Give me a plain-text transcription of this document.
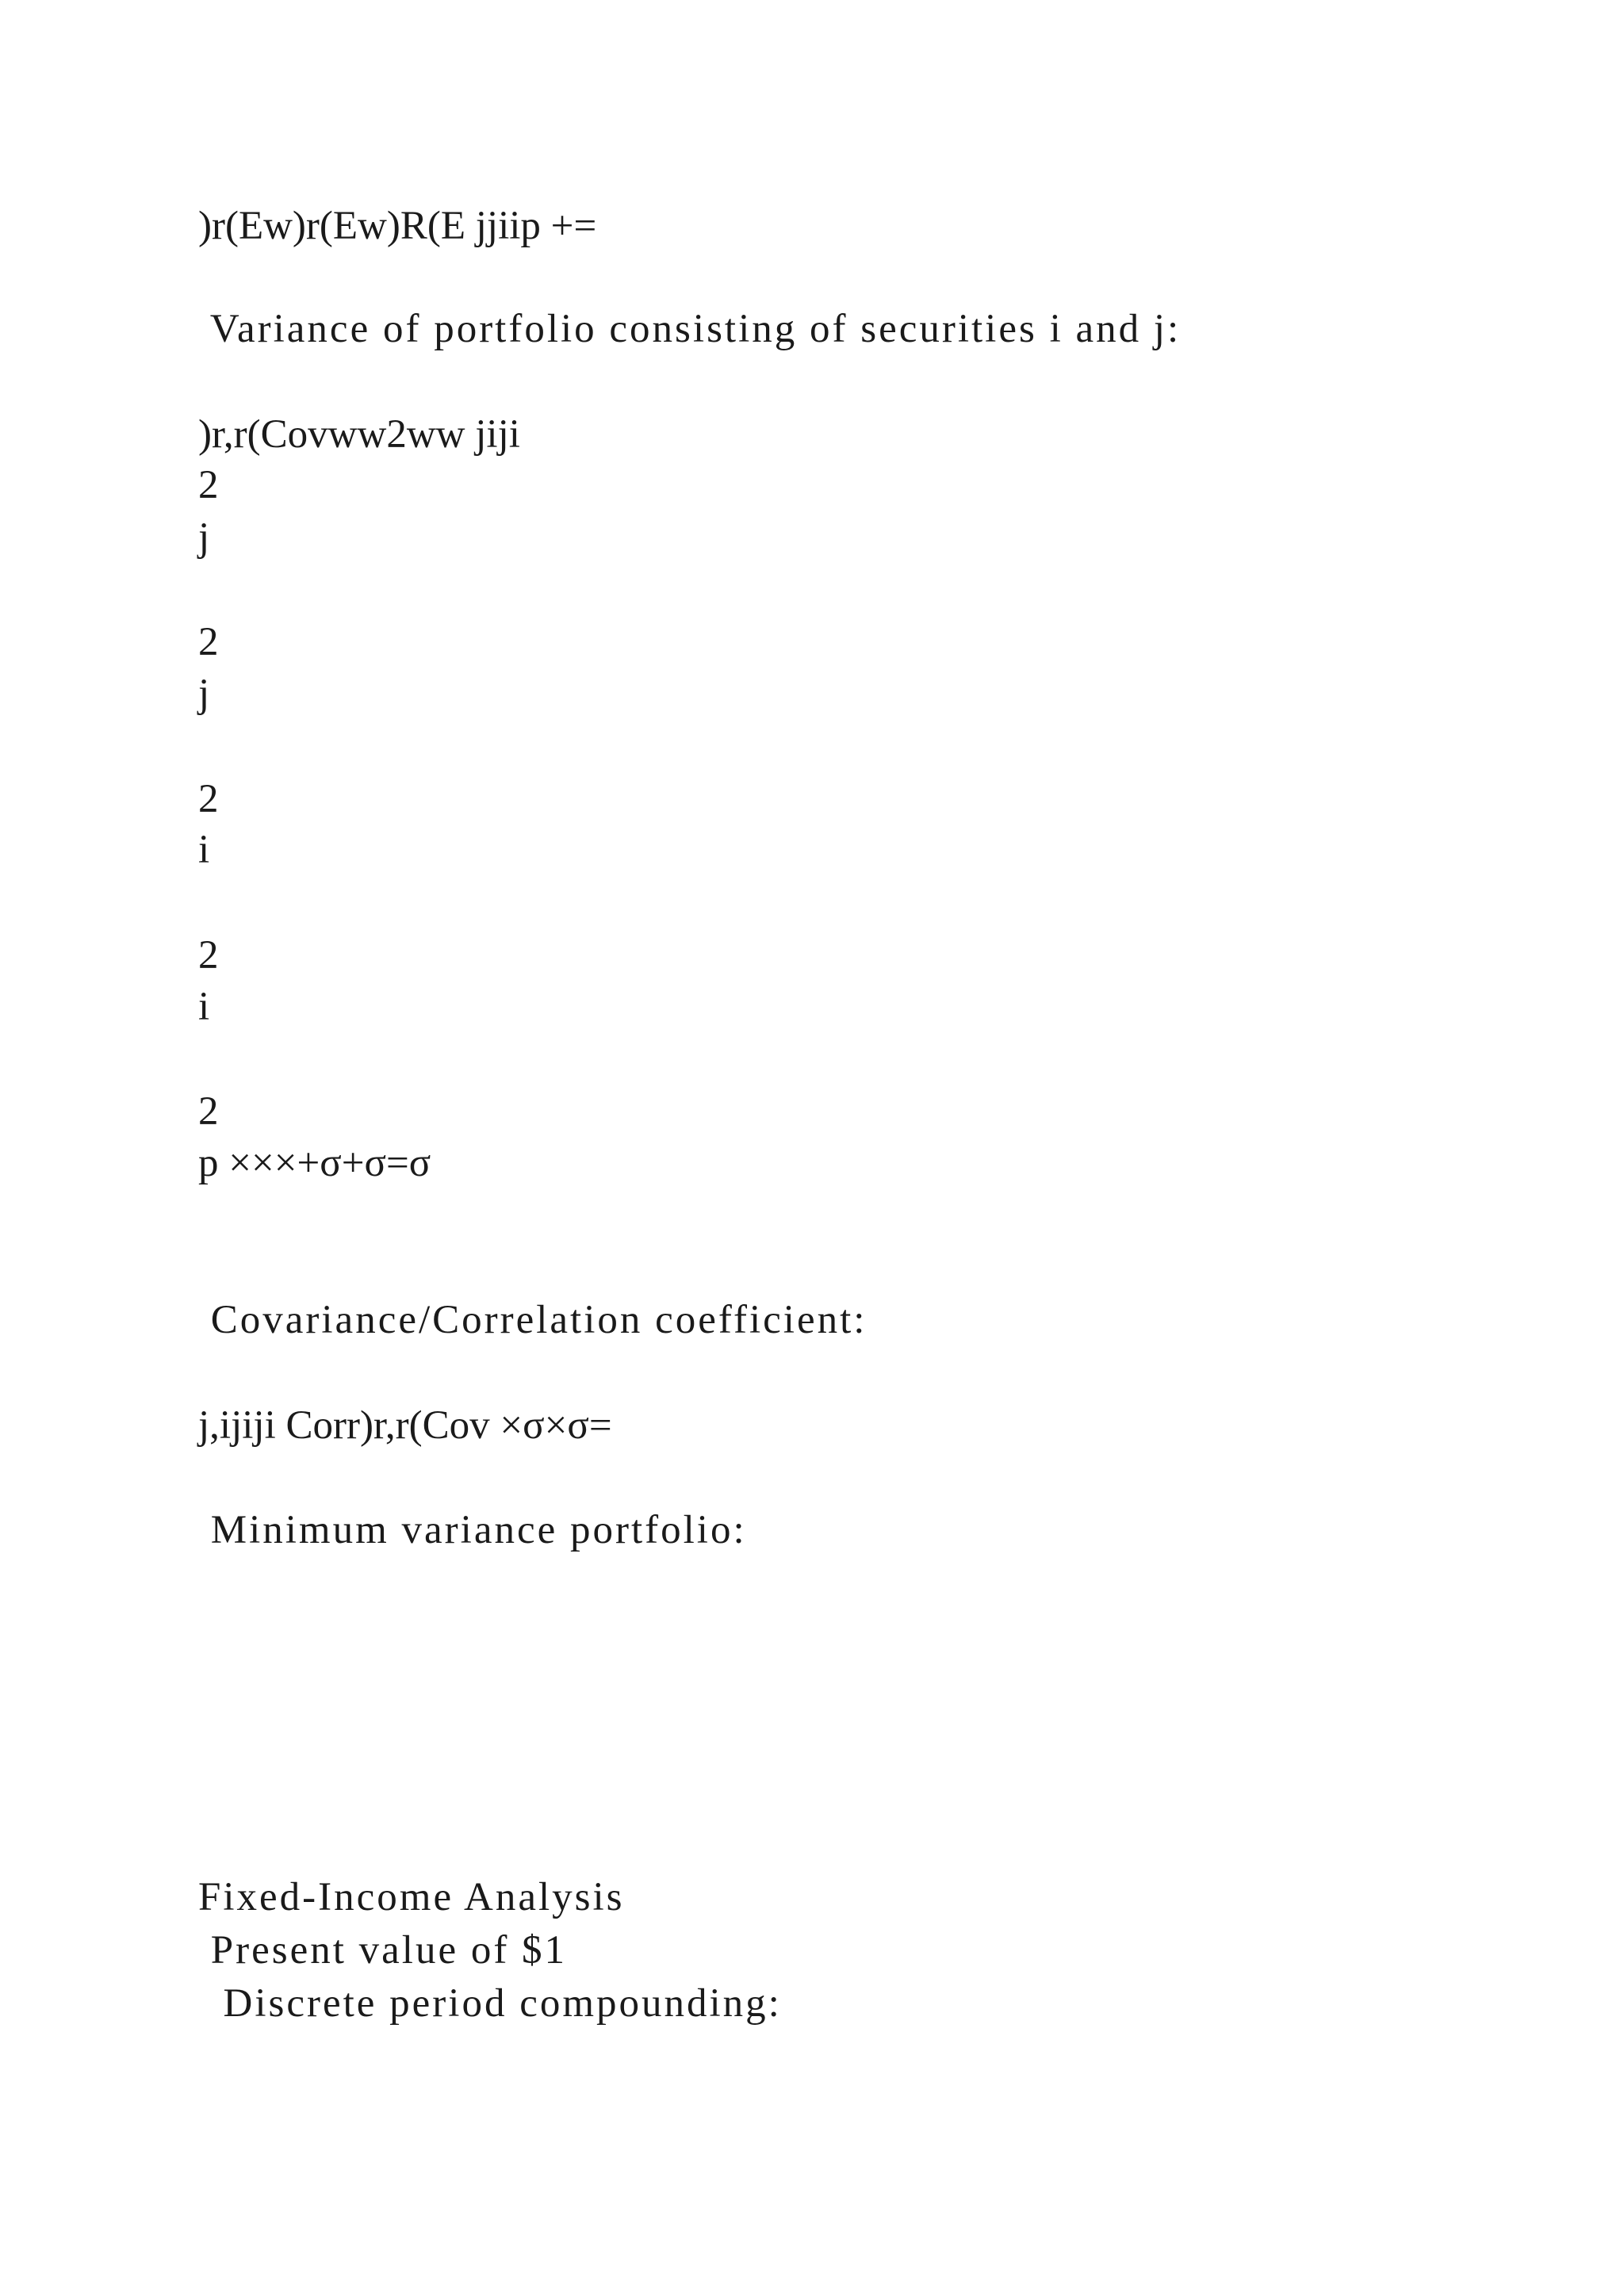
)r(Ew)r(Ew)R(E jjiip +=

Variance of portfolio consisting of securities i and j:

)r,r(Covww2ww jiji

2

j

2

j

2

i

2

i

2

p ×××+σ+σ=σ

Covariance/Correlation coefficient:

j,ijiji Corr)r,r(Cov ×σ×σ=

Minimum variance portfolio:

Fixed-Income Analysis

Present value of $1

Discrete period compounding:
